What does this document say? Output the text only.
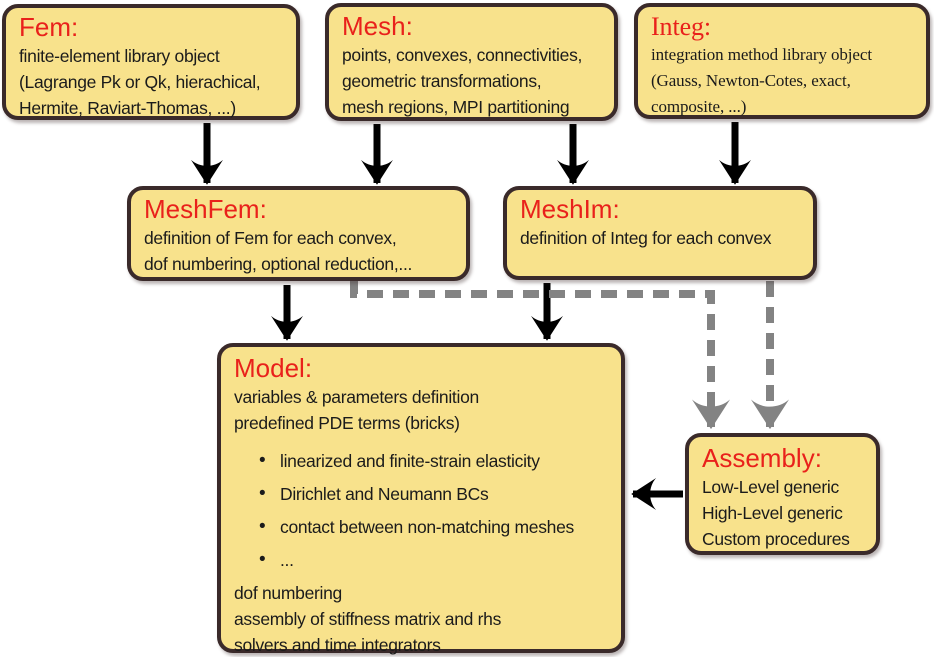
Fem:
finite-element library object
(Lagrange Pk or Qk, hierachical,
Hermite, Raviart-Thomas, ...)
Mesh:
points, convexes, connectivities,
geometric transformations,
mesh regions, MPI partitioning
Integ:
integration method library object
(Gauss, Newton-Cotes, exact,
composite, ...)
MeshFem:
definition of Fem for each convex,
dof numbering, optional reduction,...
MeshIm:
definition of Integ for each convex
Model:
variables & parameters definition
predefined PDE terms (bricks)
• linearized and finite-strain elasticity
• Dirichlet and Neumann BCs
• contact between non-matching meshes
• ...
dof numbering
assembly of stiffness matrix and rhs
solvers and time integrators
Assembly:
Low-Level generic
High-Level generic
Custom procedures
